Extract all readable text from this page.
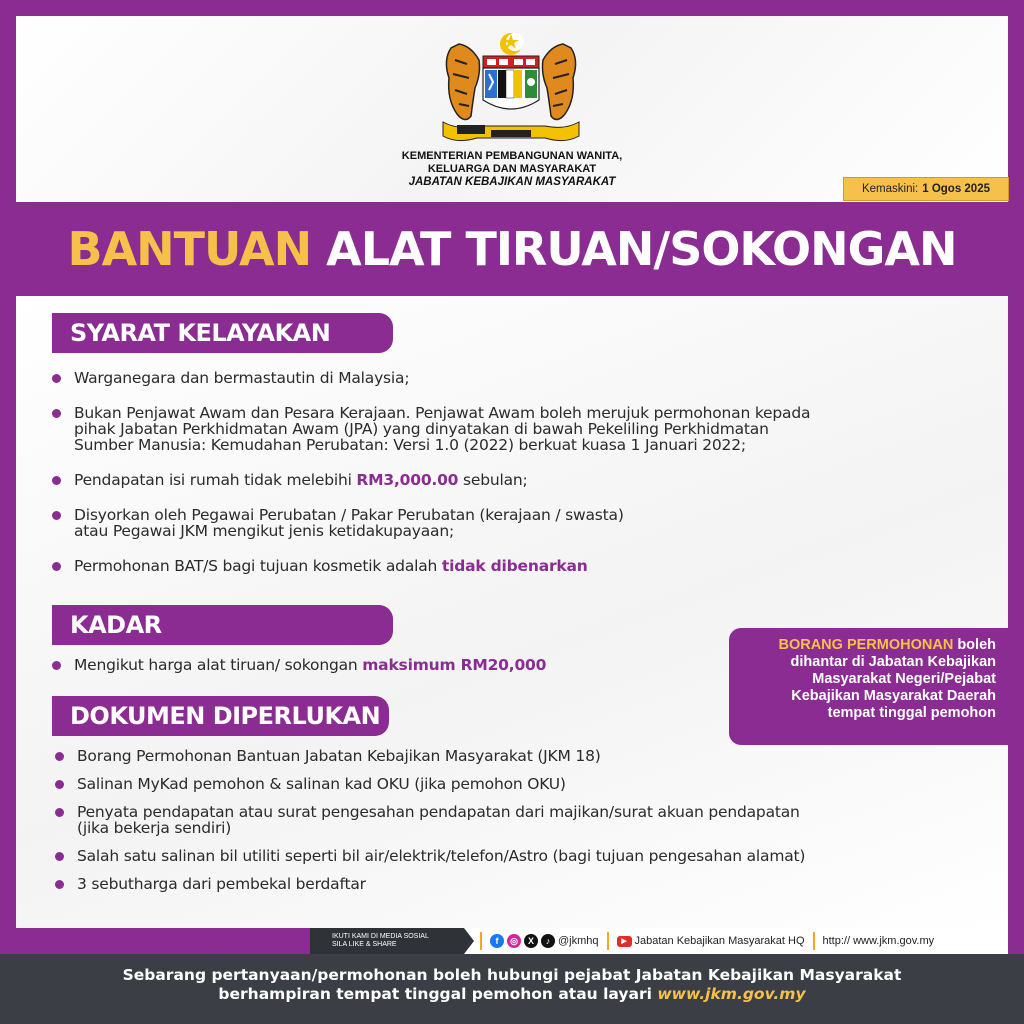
KEMENTERIAN PEMBANGUNAN WANITA,
KELUARGA DAN MASYARAKAT
JABATAN KEBAJIKAN MASYARAKAT
Kemaskini: 1 Ogos 2025
BANTUAN ALAT TIRUAN/SOKONGAN
SYARAT KELAYAKAN
Warganegara dan bermastautin di Malaysia;
Bukan Penjawat Awam dan Pesara Kerajaan. Penjawat Awam boleh merujuk permohonan kepada
pihak Jabatan Perkhidmatan Awam (JPA) yang dinyatakan di bawah Pekeliling Perkhidmatan
Sumber Manusia: Kemudahan Perubatan: Versi 1.0 (2022) berkuat kuasa 1 Januari 2022;
Pendapatan isi rumah tidak melebihi RM3,000.00 sebulan;
Disyorkan oleh Pegawai Perubatan / Pakar Perubatan (kerajaan / swasta)
atau Pegawai JKM mengikut jenis ketidakupayaan;
Permohonan BAT/S bagi tujuan kosmetik adalah tidak dibenarkan
KADAR
Mengikut harga alat tiruan/ sokongan maksimum RM20,000
DOKUMEN DIPERLUKAN
Borang Permohonan Bantuan Jabatan Kebajikan Masyarakat (JKM 18)
Salinan MyKad pemohon & salinan kad OKU (jika pemohon OKU)
Penyata pendapatan atau surat pengesahan pendapatan dari majikan/surat akuan pendapatan
(jika bekerja sendiri)
Salah satu salinan bil utiliti seperti bil air/elektrik/telefon/Astro (bagi tujuan pengesahan alamat)
3 sebutharga dari pembekal berdaftar
BORANG PERMOHONAN boleh
dihantar di Jabatan Kebajikan
Masyarakat Negeri/Pejabat
Kebajikan Masyarakat Daerah
tempat tinggal pemohon
IKUTI KAMI DI MEDIA SOSIAL
SILA LIKE & SHARE	f	◎	X	♪ @jkmhq	▶ Jabatan Kebajikan Masyarakat HQ http:// www.jkm.gov.my
Sebarang pertanyaan/permohonan boleh hubungi pejabat Jabatan Kebajikan Masyarakat
berhampiran tempat tinggal pemohon atau layari www.jkm.gov.my
